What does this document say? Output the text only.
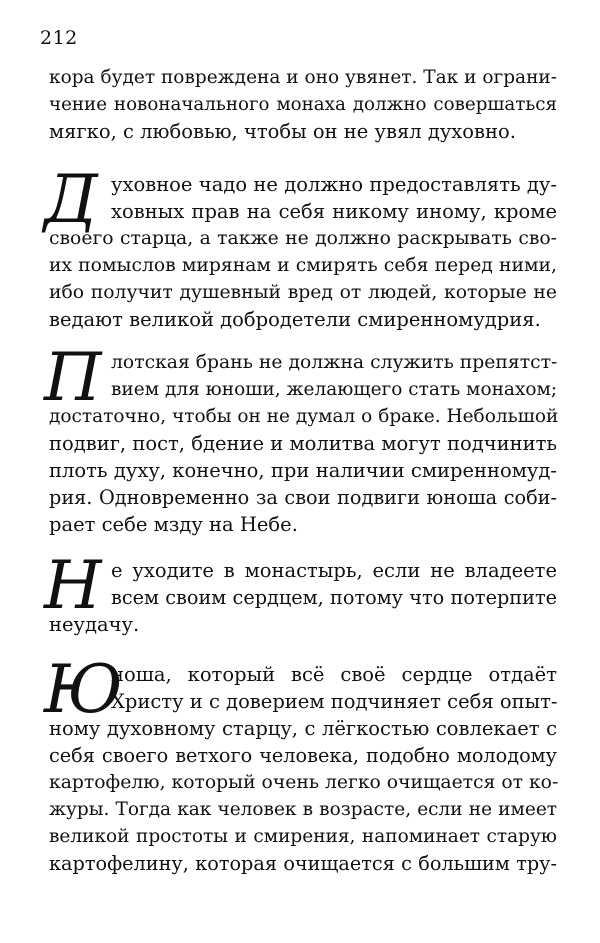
212
кора будет повреждена и оно увянет. Так и ограни-
чение новоначального монаха должно совершаться
мягко, с любовью, чтобы он не увял духовно.
Д уховное чадо не должно предоставлять ду-
ховных прав на себя никому иному, кроме
своего старца, а также не должно раскрывать сво-
их помыслов мирянам и смирять себя перед ними,
ибо получит душевный вред от людей, которые не
ведают великой добродетели смиренномудрия.
П лотская брань не должна служить препятст-
вием для юноши, желающего стать монахом;
достаточно, чтобы он не думал о браке. Небольшой
подвиг, пост, бдение и молитва могут подчинить
плоть духу, конечно, при наличии смиренномуд-
рия. Одновременно за свои подвиги юноша соби-
рает себе мзду на Небе.
Н е уходите в монастырь, если не владеете
всем своим сердцем, потому что потерпите
неудачу.
Ю
ноша, который всё своё сердце отдаёт
Христу и с доверием подчиняет себя опыт-
ному духовному старцу, с лёгкостью совлекает с
себя своего ветхого человека, подобно молодому
картофелю, который очень легко очищается от ко-
журы. Тогда как человек в возрасте, если не имеет
великой простоты и смирения, напоминает старую
картофелину, которая очищается с большим тру-
